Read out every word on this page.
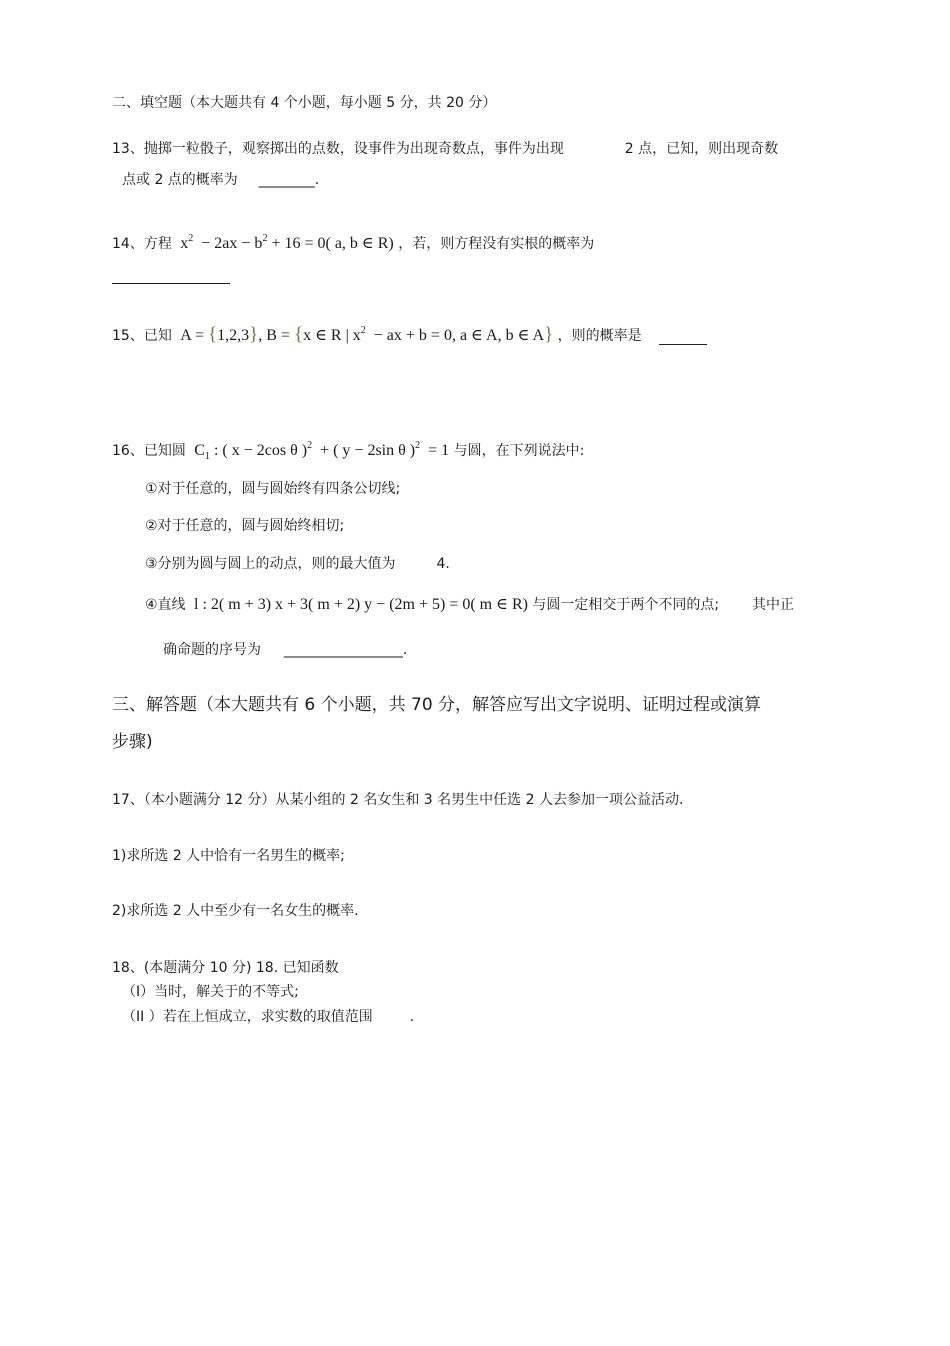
二、填空题（本大题共有 4 个小题，每小题 5 分，共 20 分）
13、抛掷一粒骰子，观察掷出的点数，设事件为出现奇数点，事件为出现	2 点，已知，则出现奇数
点或 2 点的概率为 ________.
14、方程  $x^2 - 2ax - b^2 + 16 = 0$( a, b ∈ R) ，若，则方程没有实根的概率为
15、已知  A = {1,2,3}, B = {x ∈ R | $x^2$  − ax + b = 0, a ∈ A, b ∈ A} ，则的概率是
16、已知圆  $C_1$ : ( x − 2cos θ )$^2$  + ( y − 2sin θ )$^2$  = 1 与圆，在下列说法中:
①对于任意的，圆与圆始终有四条公切线;
②对于任意的，圆与圆始终相切;
③分别为圆与圆上的动点，则的最大值为	4.
④直线  l : 2( m + 3) x + 3( m + 2) y − (2m + 5) = 0( m ∈ R) 与圆一定相交于两个不同的点; 其中正
确命题的序号为 _________________.
三、解答题（本大题共有 6 个小题，共 70 分，解答应写出文字说明、证明过程或演算
步骤)
17、（本小题满分 12 分）从某小组的 2 名女生和 3 名男生中任选 2 人去参加一项公益活动.
1)求所选 2 人中恰有一名男生的概率;
2)求所选 2 人中至少有一名女生的概率.
18、(本题满分 10 分) 18. 已知函数
（I）当时，解关于的不等式;
（II ）若在上恒成立，求实数的取值范围	.
